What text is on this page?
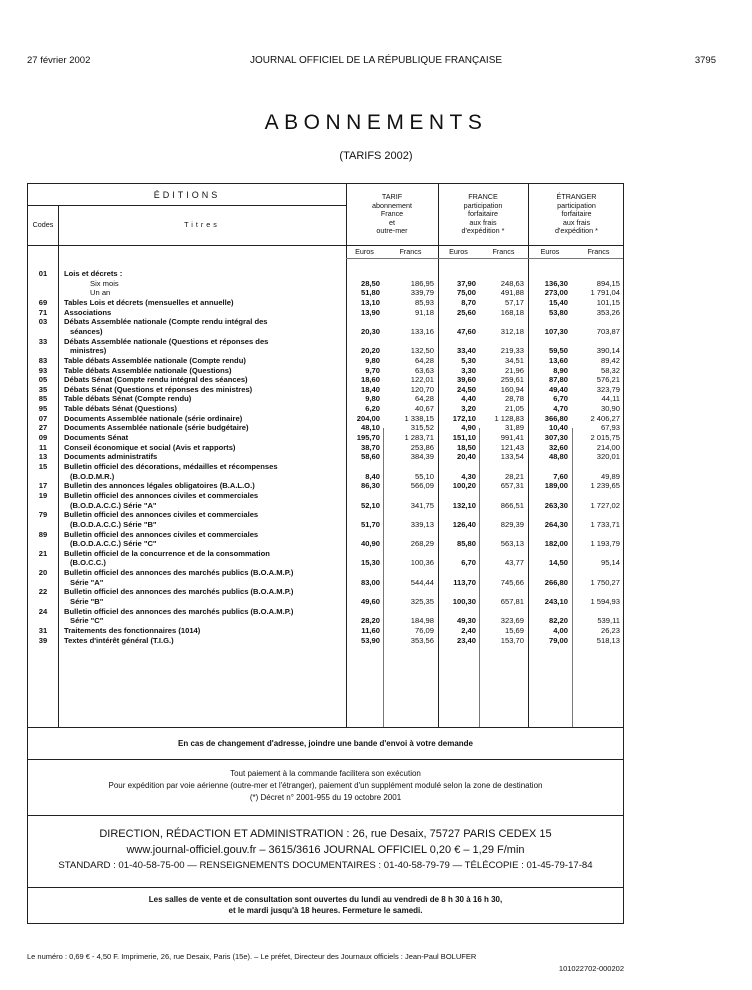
27 février 2002	JOURNAL OFFICIEL DE LA RÉPUBLIQUE FRANÇAISE	3795
ABONNEMENTS
(TARIFS 2002)
ÉDITIONS
Codes	Titres
TARIF
abonnement
France
et
outre-mer
FRANCE
participation
forfaitaire
aux frais
d'expédition *
ÉTRANGER
participation
forfaitaire
aux frais
d'expédition *
Euros	Francs	Euros	Francs	Euros	Francs
01	Lois et décrets :
Six mois	28,50	186,95	37,90	248,63	136,30	894,15
Un an	51,80	339,79	75,00	491,88	273,00	1 791,04
69	Tables Lois et décrets (mensuelles et annuelle)	13,10	85,93	8,70	57,17	15,40	101,15
71	Associations	13,90	91,18	25,60	168,18	53,80	353,26
03	Débats Assemblée nationale (Compte rendu intégral des
séances)	20,30	133,16	47,60	312,18	107,30	703,87
33	Débats Assemblée nationale (Questions et réponses des
ministres)	20,20	132,50	33,40	219,33	59,50	390,14
83	Table débats Assemblée nationale (Compte rendu)	9,80	64,28	5,30	34,51	13,60	89,42
93	Table débats Assemblée nationale (Questions)	9,70	63,63	3,30	21,96	8,90	58,32
05	Débats Sénat (Compte rendu intégral des séances)	18,60	122,01	39,60	259,61	87,80	576,21
35	Débats Sénat (Questions et réponses des ministres)	18,40	120,70	24,50	160,94	49,40	323,79
85	Table débats Sénat (Compte rendu)	9,80	64,28	4,40	28,78	6,70	44,11
95	Table débats Sénat (Questions)	6,20	40,67	3,20	21,05	4,70	30,90
07	Documents Assemblée nationale (série ordinaire)	204,00	1 338,15	172,10	1 128,83	366,80	2 406,27
27	Documents Assemblée nationale (série budgétaire)	48,10	315,52	4,90	31,89	10,40	67,93
09	Documents Sénat	195,70	1 283,71	151,10	991,41	307,30	2 015,75
11	Conseil économique et social (Avis et rapports)	38,70	253,86	18,50	121,43	32,60	214,00
13	Documents administratifs	58,60	384,39	20,40	133,54	48,80	320,01
15	Bulletin officiel des décorations, médailles et récompenses
(B.O.D.M.R.)	8,40	55,10	4,30	28,21	7,60	49,89
17	Bulletin des annonces légales obligatoires (B.A.L.O.)	86,30	566,09	100,20	657,31	189,00	1 239,65
19	Bulletin officiel des annonces civiles et commerciales
(B.O.D.A.C.C.) Série "A"	52,10	341,75	132,10	866,51	263,30	1 727,02
79	Bulletin officiel des annonces civiles et commerciales
(B.O.D.A.C.C.) Série "B"	51,70	339,13	126,40	829,39	264,30	1 733,71
89	Bulletin officiel des annonces civiles et commerciales
(B.O.D.A.C.C.) Série "C"	40,90	268,29	85,80	563,13	182,00	1 193,79
21	Bulletin officiel de la concurrence et de la consommation
(B.O.C.C.)	15,30	100,36	6,70	43,77	14,50	95,14
20	Bulletin officiel des annonces des marchés publics (B.O.A.M.P.)
Série "A"	83,00	544,44	113,70	745,66	266,80	1 750,27
22	Bulletin officiel des annonces des marchés publics (B.O.A.M.P.)
Série "B"	49,60	325,35	100,30	657,81	243,10	1 594,93
24	Bulletin officiel des annonces des marchés publics (B.O.A.M.P.)
Série "C"	28,20	184,98	49,30	323,69	82,20	539,11
31	Traitements des fonctionnaires (1014)	11,60	76,09	2,40	15,69	4,00	26,23
39	Textes d'intérêt général (T.I.G.)	53,90	353,56	23,40	153,70	79,00	518,13
En cas de changement d'adresse, joindre une bande d'envoi à votre demande
Tout paiement à la commande facilitera son exécution
Pour expédition par voie aérienne (outre-mer et l'étranger), paiement d'un supplément modulé selon la zone de destination
(*) Décret n° 2001-955 du 19 octobre 2001
DIRECTION, RÉDACTION ET ADMINISTRATION : 26, rue Desaix, 75727 PARIS CEDEX 15
www.journal-officiel.gouv.fr – 3615/3616 JOURNAL OFFICIEL 0,20 € – 1,29 F/min
STANDARD : 01-40-58-75-00 — RENSEIGNEMENTS DOCUMENTAIRES : 01-40-58-79-79 — TÉLÉCOPIE : 01-45-79-17-84
Les salles de vente et de consultation sont ouvertes du lundi au vendredi de 8 h 30 à 16 h 30,
et le mardi jusqu'à 18 heures. Fermeture le samedi.
Le numéro : 0,69 € - 4,50 F. Imprimerie, 26, rue Desaix, Paris (15e). – Le préfet, Directeur des Journaux officiels : Jean-Paul BOLUFER
101022702-000202
